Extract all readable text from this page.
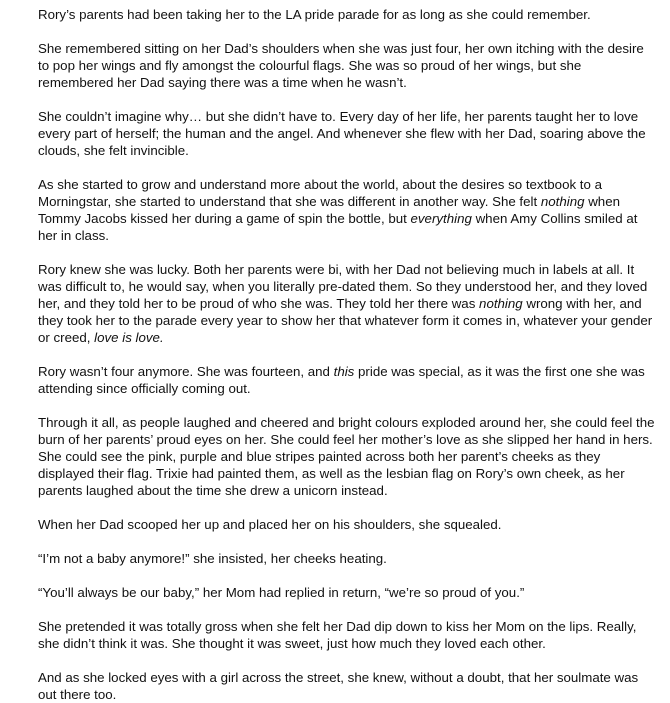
Rory’s parents had been taking her to the LA pride parade for as long as she could remember.

She remembered sitting on her Dad’s shoulders when she was just four, her own itching with the desire to pop her wings and fly amongst the colourful flags. She was so proud of her wings, but she remembered her Dad saying there was a time when he wasn’t.

She couldn’t imagine why… but she didn’t have to. Every day of her life, her parents taught her to love every part of herself; the human and the angel. And whenever she flew with her Dad, soaring above the clouds, she felt invincible.

As she started to grow and understand more about the world, about the desires so textbook to a Morningstar, she started to understand that she was different in another way. She felt nothing when Tommy Jacobs kissed her during a game of spin the bottle, but everything when Amy Collins smiled at her in class.

Rory knew she was lucky. Both her parents were bi, with her Dad not believing much in labels at all. It was difficult to, he would say, when you literally pre-dated them. So they understood her, and they loved her, and they told her to be proud of who she was. They told her there was nothing wrong with her, and they took her to the parade every year to show her that whatever form it comes in, whatever your gender or creed, love is love.

Rory wasn’t four anymore. She was fourteen, and this pride was special, as it was the first one she was attending since officially coming out.

Through it all, as people laughed and cheered and bright colours exploded around her, she could feel the burn of her parents’ proud eyes on her. She could feel her mother’s love as she slipped her hand in hers. She could see the pink, purple and blue stripes painted across both her parent’s cheeks as they displayed their flag. Trixie had painted them, as well as the lesbian flag on Rory’s own cheek, as her parents laughed about the time she drew a unicorn instead.

When her Dad scooped her up and placed her on his shoulders, she squealed.

“I’m not a baby anymore!” she insisted, her cheeks heating.

“You’ll always be our baby,” her Mom had replied in return, “we’re so proud of you.”

She pretended it was totally gross when she felt her Dad dip down to kiss her Mom on the lips. Really, she didn’t think it was. She thought it was sweet, just how much they loved each other.

And as she locked eyes with a girl across the street, she knew, without a doubt, that her soulmate was out there too.
